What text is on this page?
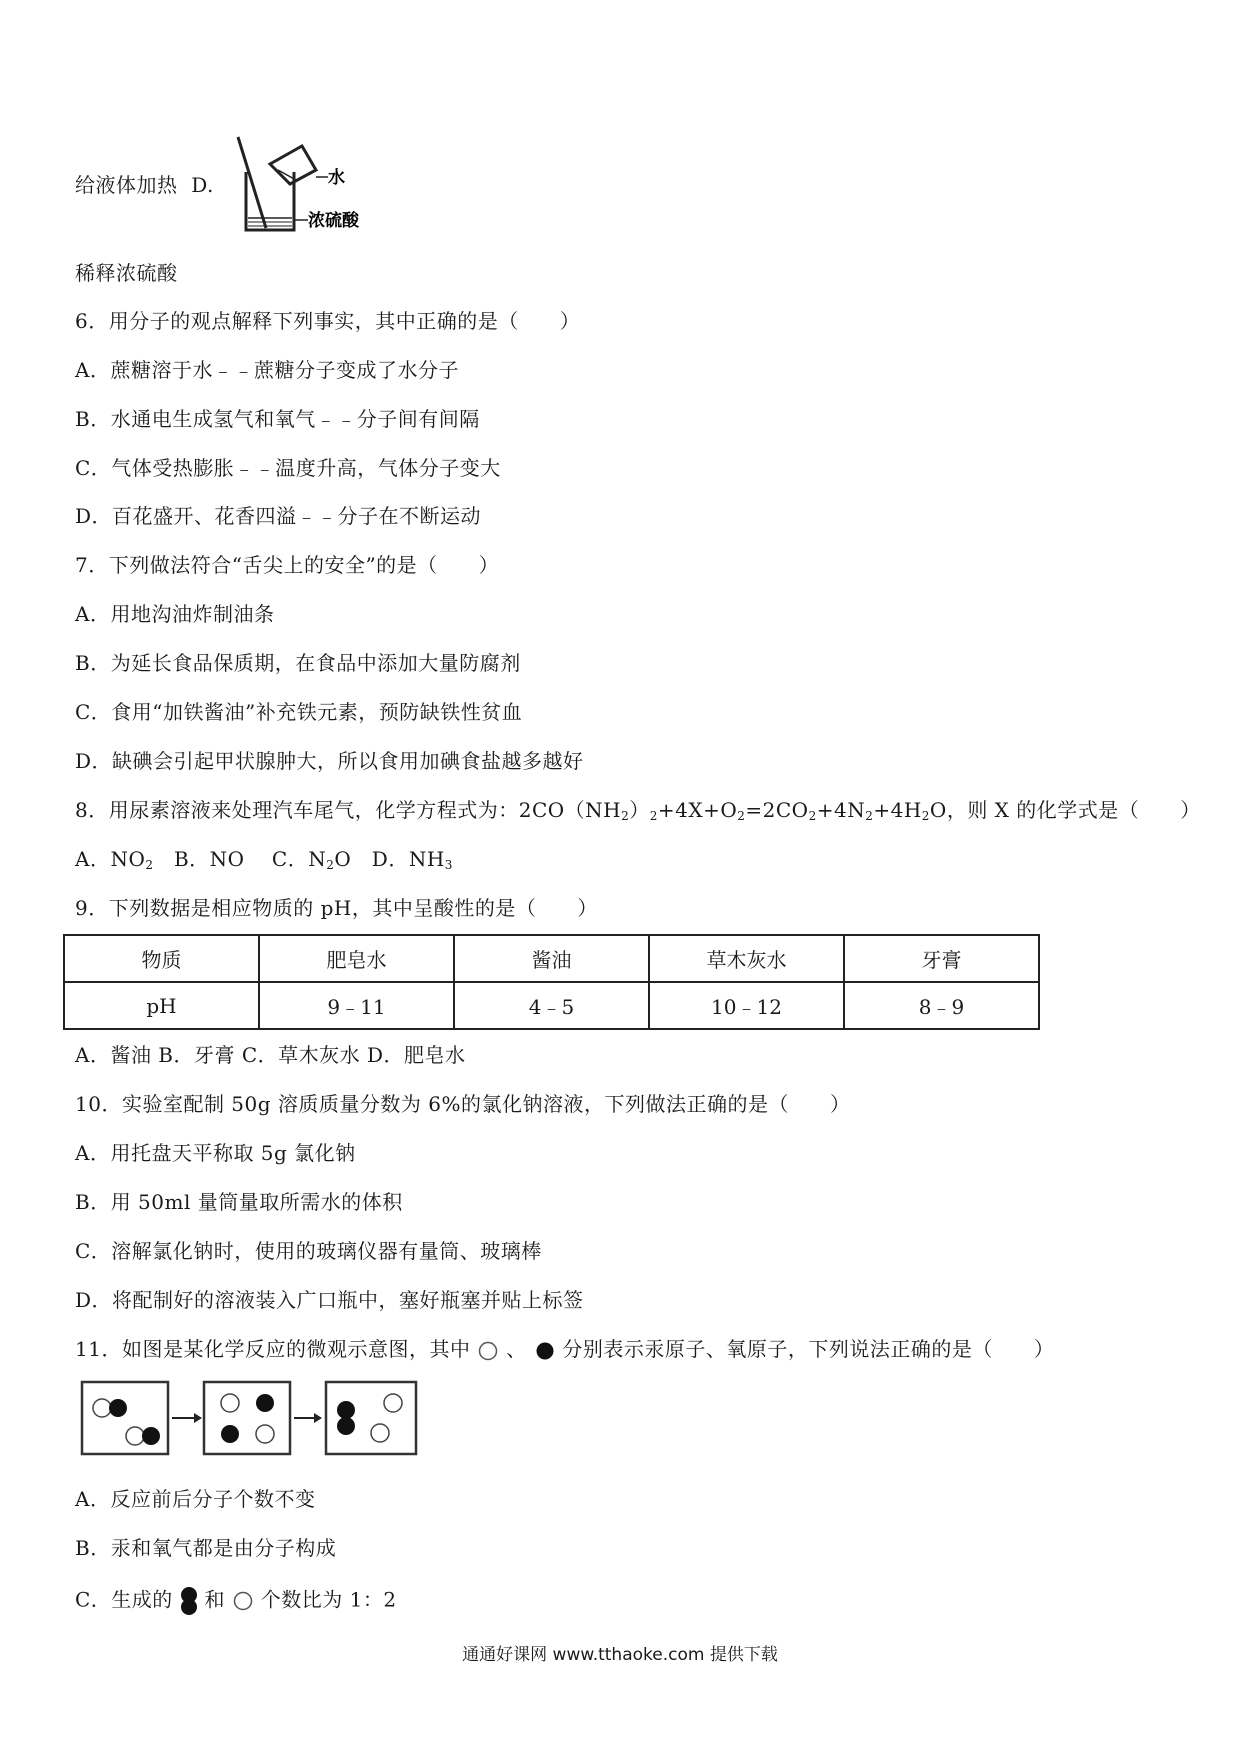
给液体加热 D.	水
浓硫酸
稀释浓硫酸
6．用分子的观点解释下列事实，其中正确的是（　　）
A．蔗糖溶于水﹣﹣蔗糖分子变成了水分子
B．水通电生成氢气和氧气﹣﹣分子间有间隔
C．气体受热膨胀﹣﹣温度升高，气体分子变大
D．百花盛开、花香四溢﹣﹣分子在不断运动
7．下列做法符合“舌尖上的安全”的是（　　）
A．用地沟油炸制油条
B．为延长食品保质期，在食品中添加大量防腐剂
C．食用“加铁酱油”补充铁元素，预防缺铁性贫血
D．缺碘会引起甲状腺肿大，所以食用加碘食盐越多越好
8．用尿素溶液来处理汽车尾气，化学方程式为：$2CO(NH_2)_2+4X+O_2=2CO_2+4N_2+4H_2O$，则 X 的化学式是（　　）
A．$NO_2$　B．NO　 C．$N_2O$　D．$NH_3$
9．下列数据是相应物质的 pH，其中呈酸性的是（　　）
物质	肥皂水	酱油	草木灰水	牙膏
pH	9﹣11	4﹣5	10﹣12	8﹣9
A．酱油 B．牙膏 C．草木灰水 D．肥皂水
10．实验室配制 50g 溶质质量分数为 6%的氯化钠溶液，下列做法正确的是（　　）
A．用托盘天平称取 5g 氯化钠
B．用 50ml 量筒量取所需水的体积
C．溶解氯化钠时，使用的玻璃仪器有量筒、玻璃棒
D．将配制好的溶液装入广口瓶中，塞好瓶塞并贴上标签
11．如图是某化学反应的微观示意图，其中 、 分别表示汞原子、氧原子，下列说法正确的是（　　）
A．反应前后分子个数不变
B．汞和氧气都是由分子构成
C．生成的 和 个数比为 1：2
通通好课网 www.tthaoke.com 提供下载
